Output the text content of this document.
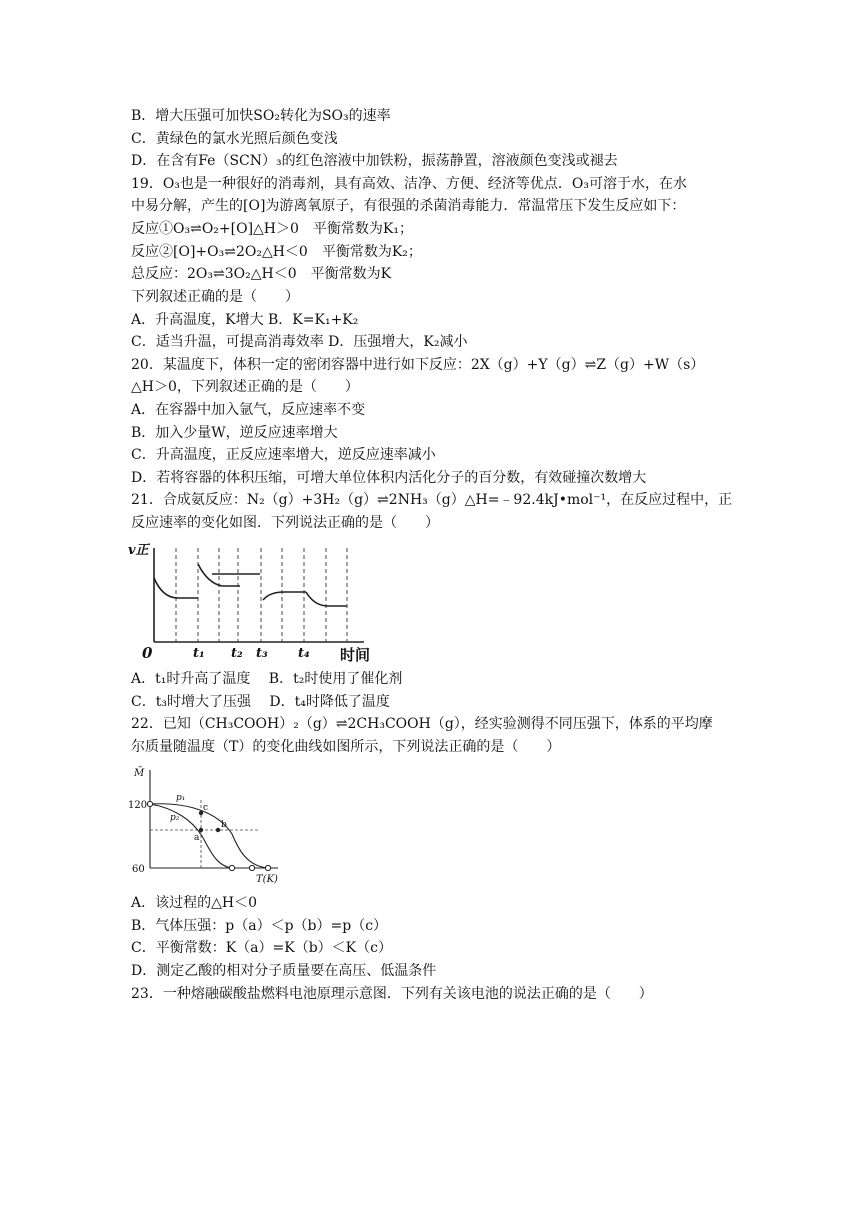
B．增大压强可加快SO₂转化为SO₃的速率
C．黄绿色的氯水光照后颜色变浅
D．在含有Fe（SCN）₃的红色溶液中加铁粉，振荡静置，溶液颜色变浅或褪去
19．O₃也是一种很好的消毒剂，具有高效、洁净、方便、经济等优点．O₃可溶于水，在水
中易分解，产生的[O]为游离氧原子，有很强的杀菌消毒能力．常温常压下发生反应如下：
反应①O₃⇌O₂+[O]△H＞0　平衡常数为K₁；
反应②[O]+O₃⇌2O₂△H＜0　平衡常数为K₂；
总反应：2O₃⇌3O₂△H＜0　平衡常数为K
下列叙述正确的是（　　）
A．升高温度，K增大 B．K=K₁+K₂
C．适当升温，可提高消毒效率 D．压强增大，K₂减小
20．某温度下，体积一定的密闭容器中进行如下反应：2X（g）+Y（g）⇌Z（g）+W（s）
△H＞0，下列叙述正确的是（　　）
A．在容器中加入氩气，反应速率不变
B．加入少量W，逆反应速率增大
C．升高温度，正反应速率增大，逆反应速率减小
D．若将容器的体积压缩，可增大单位体积内活化分子的百分数，有效碰撞次数增大
21．合成氨反应：N₂（g）+3H₂（g）⇌2NH₃（g）△H=﹣92.4kJ•mol⁻¹，在反应过程中，正
反应速率的变化如图．下列说法正确的是（　　）
v正
0	t₁ t₂ t₃ t₄ 时间
A．t₁时升高了温度　 B．t₂时使用了催化剂
C．t₃时增大了压强　 D．t₄时降低了温度
22．已知（CH₃COOH）₂（g）⇌2CH₃COOH（g），经实验测得不同压强下，体系的平均摩
尔质量随温度（T）的变化曲线如图所示，下列说法正确的是（　　）
M̄
120
60
p₁
p₂
c
b
a
T(K)
A．该过程的△H＜0
B．气体压强：p（a）＜p（b）=p（c）
C．平衡常数：K（a）=K（b）＜K（c）
D．测定乙酸的相对分子质量要在高压、低温条件
23．一种熔融碳酸盐燃料电池原理示意图．下列有关该电池的说法正确的是（　　）
